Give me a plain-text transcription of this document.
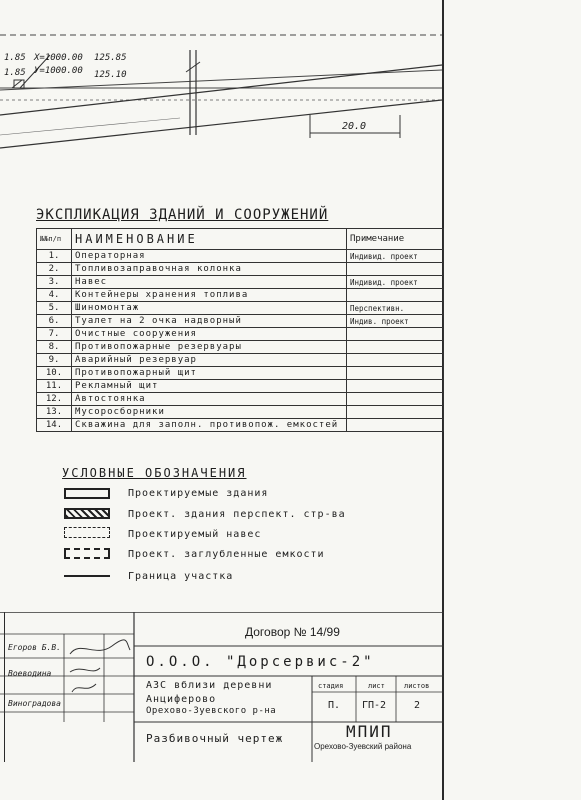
X=1000.00
У=1000.00
1.85
1.85
125.85
125.10
20.0
ЭКСПЛИКАЦИЯ ЗДАНИЙ И СООРУЖЕНИЙ
№№п/п	НАИМЕНОВАНИЕ	Примечание
1.	Операторная	Индивид. проект
2.	Топливозаправочная колонка	
3.	Навес	Индивид. проект
4.	Контейнеры хранения топлива	
5.	Шиномонтаж	Перспективн.
6.	Туалет на 2 очка надворный	Индив. проект
7.	Очистные сооружения	
8.	Противопожарные резервуары	
9.	Аварийный резервуар	
10.	Противопожарный щит	
11.	Рекламный щит	
12.	Автостоянка	
13.	Мусоросборники	
14.	Скважина для заполн. противопож. емкостей	
УСЛОВНЫЕ ОБОЗНАЧЕНИЯ
Проектируемые здания
Проект. здания перспект. стр-ва
Проектируемый навес
Проект. заглубленные емкости
Граница участка
Егоров Б.В.
Воеводина
Виноградова
Договор № 14/99
О.О.О. "Дорсервис-2"
АЗС вблизи деревни
Анциферово
Орехово-Зуевского р-на
стадия	лист	листов
П. ГП-2	2
Разбивочный чертеж	МПИП
Орехово-Зуевский района
